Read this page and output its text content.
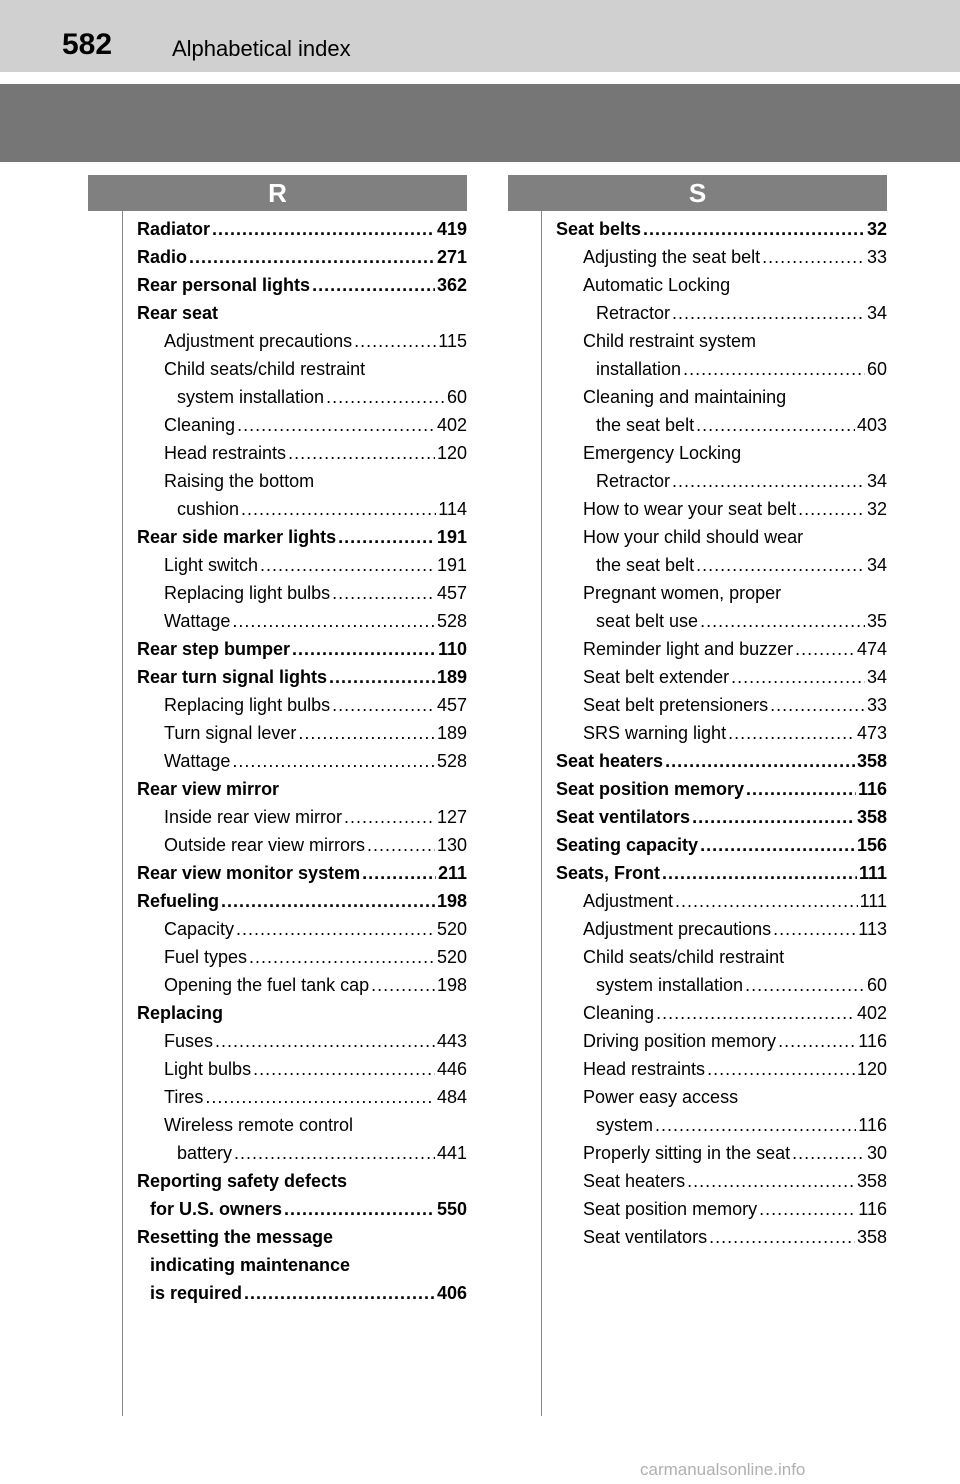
582	Alphabetical index
R	S
Radiator .....	419
Radio .....	271
Rear personal lights .....	362
Rear seat
Adjustment precautions .....	115
Child seats/child restraint
system installation .....	60
Cleaning .....	402
Head restraints .....	120
Raising the bottom
cushion .....	114
Rear side marker lights .....	191
Light switch .....	191
Replacing light bulbs .....	457
Wattage .....	528
Rear step bumper .....	110
Rear turn signal lights .....	189
Replacing light bulbs .....	457
Turn signal lever .....	189
Wattage .....	528
Rear view mirror
Inside rear view mirror .....	127
Outside rear view mirrors .....	130
Rear view monitor system .....	211
Refueling .....	198
Capacity .....	520
Fuel types .....	520
Opening the fuel tank cap .....	198
Replacing
Fuses .....	443
Light bulbs .....	446
Tires .....	484
Wireless remote control
battery .....	441
Reporting safety defects
for U.S. owners .....	550
Resetting the message
indicating maintenance
is required .....	406
Seat belts .....	32
Adjusting the seat belt .....	33
Automatic Locking
Retractor .....	34
Child restraint system
installation .....	60
Cleaning and maintaining
the seat belt .....	403
Emergency Locking
Retractor .....	34
How to wear your seat belt .....	32
How your child should wear
the seat belt .....	34
Pregnant women, proper
seat belt use .....	35
Reminder light and buzzer .....	474
Seat belt extender .....	34
Seat belt pretensioners .....	33
SRS warning light .....	473
Seat heaters .....	358
Seat position memory .....	116
Seat ventilators .....	358
Seating capacity .....	156
Seats, Front .....	111
Adjustment .....	111
Adjustment precautions .....	113
Child seats/child restraint
system installation .....	60
Cleaning .....	402
Driving position memory .....	116
Head restraints .....	120
Power easy access
system .....	116
Properly sitting in the seat .....	30
Seat heaters .....	358
Seat position memory .....	116
Seat ventilators .....	358
carmanualsonline.info
